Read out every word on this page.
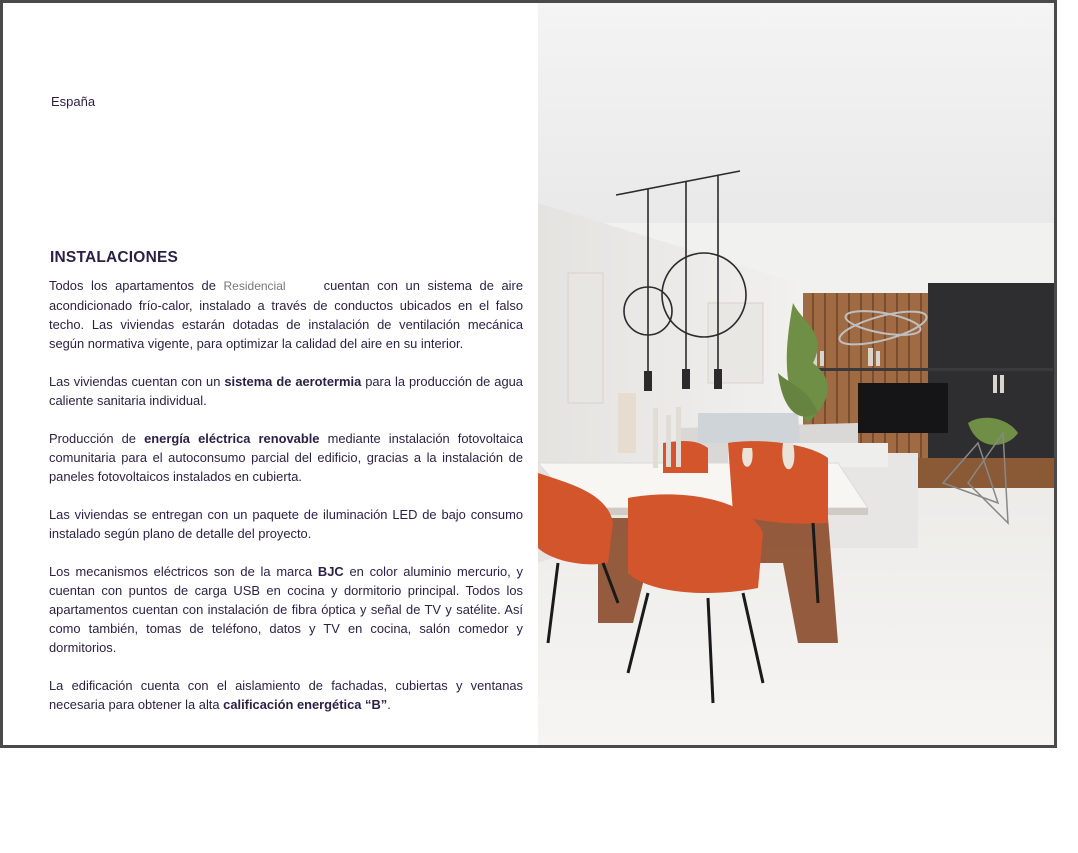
España
INSTALACIONES

Todos los apartamentos de Residencial	cuentan con un sistema de aire acondicionado frío-calor, instalado a través de conductos ubicados en el falso techo. Las viviendas estarán dotadas de instalación de ventilación mecánica según normativa vigente, para optimizar la calidad del aire en su interior.

Las viviendas cuentan con un sistema de aerotermia para la producción de agua caliente sanitaria individual.

Producción de energía eléctrica renovable mediante instalación fotovoltaica comunitaria para el autoconsumo parcial del edificio, gracias a la instalación de paneles fotovoltaicos instalados en cubierta.

Las viviendas se entregan con un paquete de iluminación LED de bajo consumo instalado según plano de detalle del proyecto.

Los mecanismos eléctricos son de la marca BJC en color aluminio mercurio, y cuentan con puntos de carga USB en cocina y dormitorio principal. Todos los apartamentos cuentan con instalación de fibra óptica y señal de TV y satélite. Así como también, tomas de teléfono, datos y TV en cocina, salón comedor y dormitorios.

La edificación cuenta con el aislamiento de fachadas, cubiertas y ventanas necesaria para obtener la alta calificación energética “B”.
